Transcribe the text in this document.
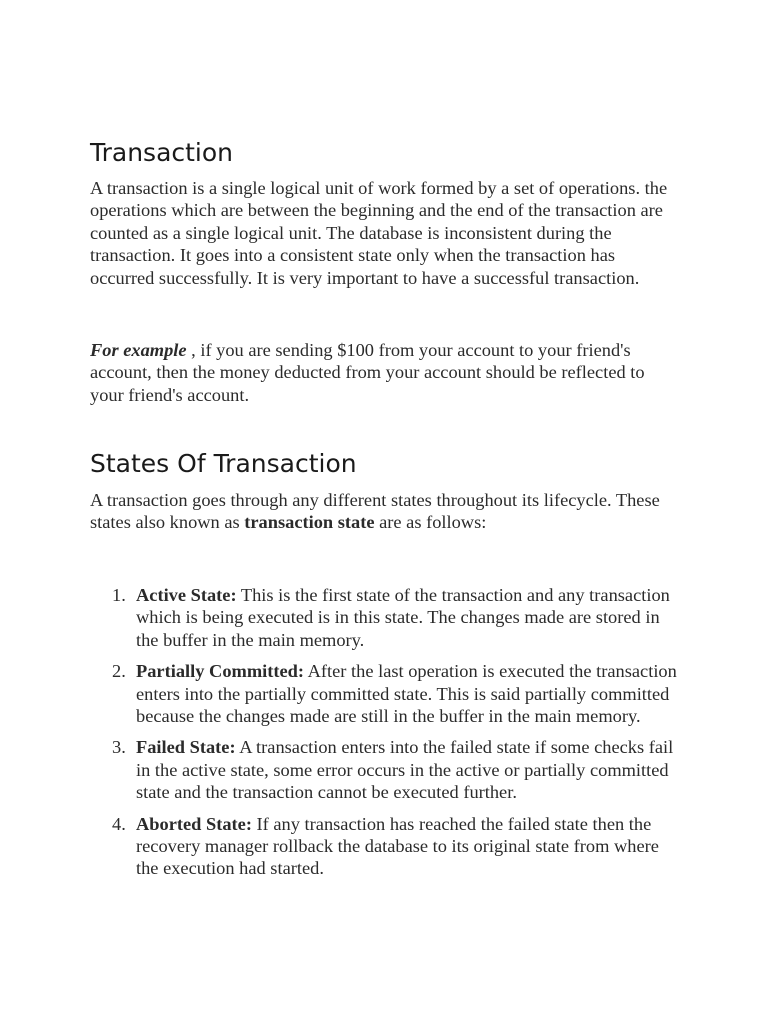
Transaction

A transaction is a single logical unit of work formed by a set of operations. the operations which are between the beginning and the end of the transaction are counted as a single logical unit. The database is inconsistent during the transaction. It goes into a consistent state only when the transaction has occurred successfully. It is very important to have a successful transaction.

For example , if you are sending $100 from your account to your friend's account, then the money deducted from your account should be reflected to your friend's account.

States Of Transaction

A transaction goes through any different states throughout its lifecycle. These states also known as transaction state are as follows:

1. Active State: This is the first state of the transaction and any transaction which is being executed is in this state. The changes made are stored in the buffer in the main memory.
2. Partially Committed: After the last operation is executed the transaction enters into the partially committed state. This is said partially committed because the changes made are still in the buffer in the main memory.
3. Failed State: A transaction enters into the failed state if some checks fail in the active state, some error occurs in the active or partially committed state and the transaction cannot be executed further.
4. Aborted State: If any transaction has reached the failed state then the recovery manager rollback the database to its original state from where the execution had started.
